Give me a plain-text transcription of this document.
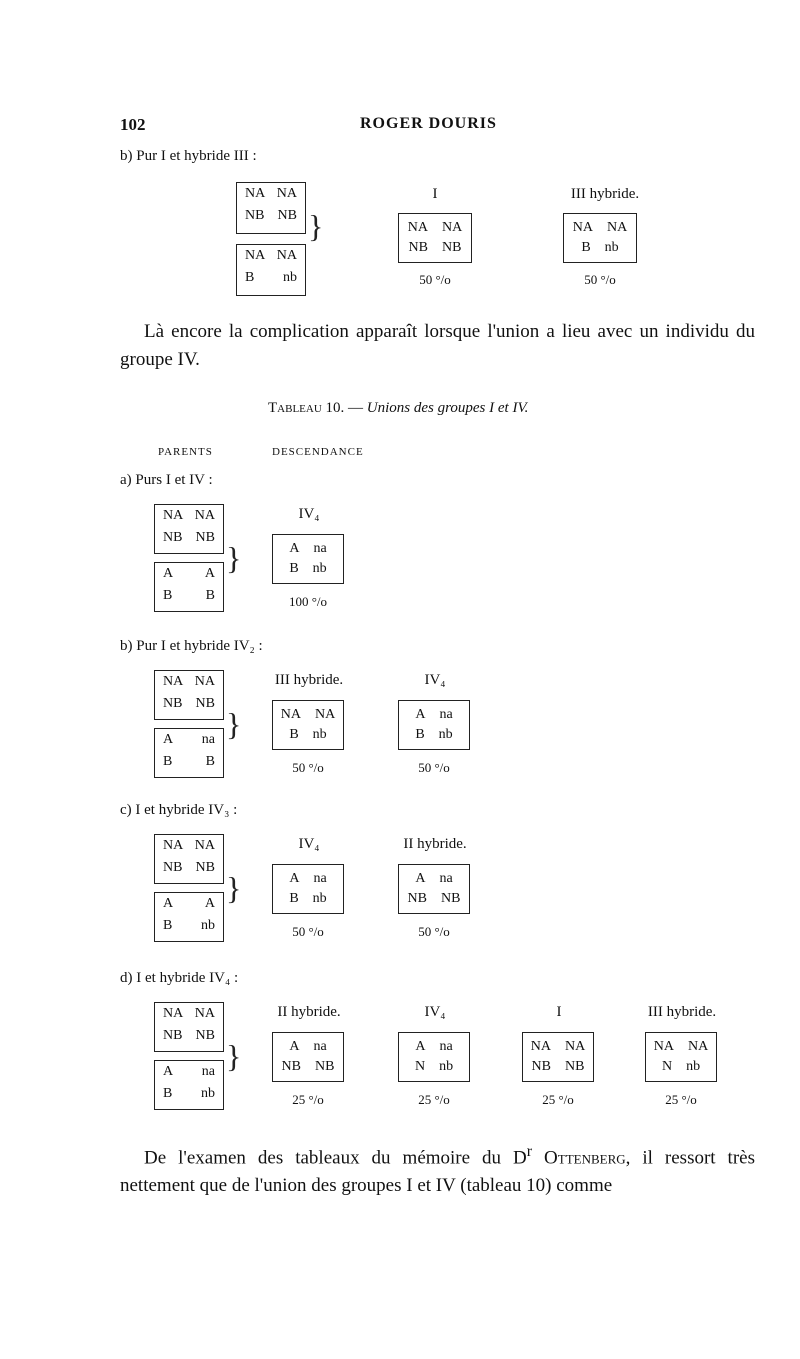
102	ROGER DOURIS
b) Pur I et hybride III :
NA NA
NB NB
NA NA
B nb
}
I
NA NA
NB NB
50 °/o
III hybride.
NA NA
B nb
50 °/o
Là encore la complication apparaît lorsque l'union a lieu avec un individu du groupe IV.
Tableau 10. — Unions des groupes I et IV.
PARENTS	DESCENDANCE
a) Purs I et IV :
NA NA
NB NB
A A
B B
}
IV₄
A na
B nb
100 °/o
b) Pur I et hybride IV₂ :
NA NA
NB NB
A na
B B
}
III hybride.
NA NA
B nb
50 °/o
IV₄
A na
B nb
50 °/o
c) I et hybride IV₃ :
NA NA
NB NB
A A
B nb
}
IV₄
A na
B nb
50 °/o
II hybride.
A na
NB NB
50 °/o
d) I et hybride IV₄ :
NA NA
NB NB
A na
B nb
}
II hybride.
A na
NB NB
25 °/o
IV₄
A na
N nb
25 °/o
I
NA NA
NB NB
25 °/o
III hybride.
NA NA
N nb
25 °/o
De l'examen des tableaux du mémoire du $D^r$ Ottenberg, il ressort très nettement que de l'union des groupes I et IV (tableau 10) comme
